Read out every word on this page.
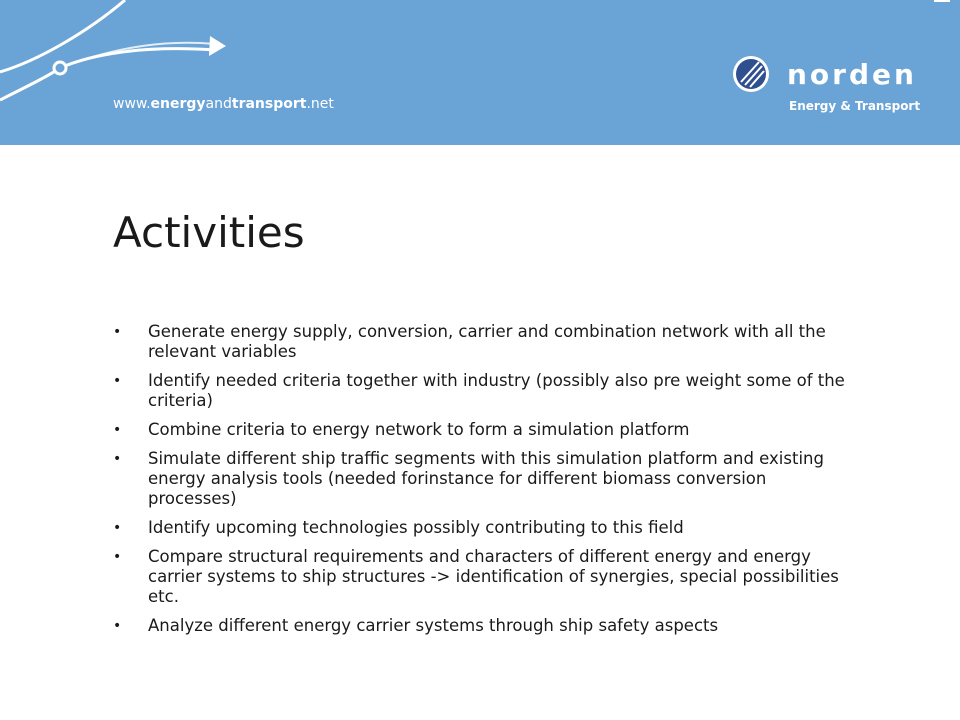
www.energyandtransport.net
norden
Energy & Transport
Activities
• Generate energy supply, conversion, carrier and combination network with all the relevant variables
• Identify needed criteria together with industry (possibly also pre weight some of the criteria)
• Combine criteria to energy network to form a simulation platform
• Simulate different ship traffic segments with this simulation platform and existing energy analysis tools (needed forinstance for different biomass conversion processes)
• Identify upcoming technologies possibly contributing to this field
• Compare structural requirements and characters of different energy and energy carrier systems to ship structures -> identification of synergies, special possibilities etc.
• Analyze different energy carrier systems through ship safety aspects
